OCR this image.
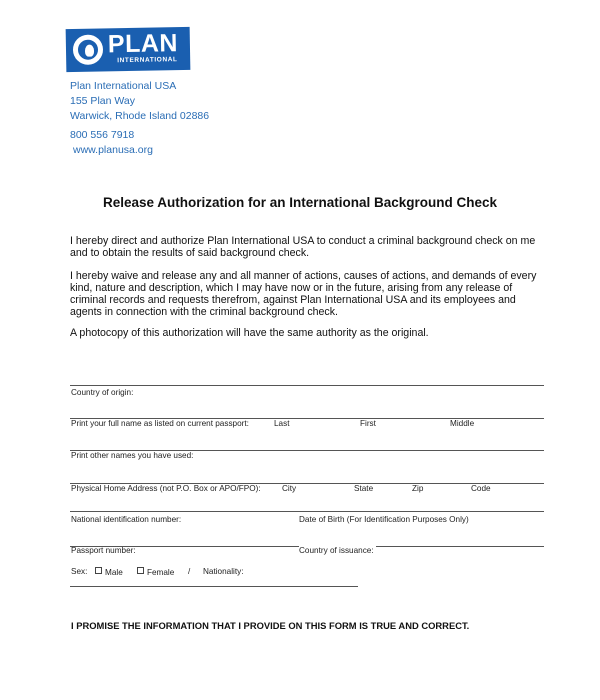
PLAN
INTERNATIONAL
Plan International USA
155 Plan Way
Warwick, Rhode Island 02886
800 556 7918
www.planusa.org
Release Authorization for an International Background Check
I hereby direct and authorize Plan International USA to conduct a criminal background check on me and to obtain the results of said background check.
I hereby waive and release any and all manner of actions, causes of actions, and demands of every kind, nature and description, which I may have now or in the future, arising from any release of criminal records and requests therefrom, against Plan International USA and its employees and agents in connection with the criminal background check.
A photocopy of this authorization will have the same authority as the original.
Country of origin:
Print your full name as listed on current passport:	Last	First	Middle
Print other names you have used:
Physical Home Address (not P.O. Box or APO/FPO):	City	State	Zip	Code
National identification number:	Date of Birth (For Identification Purposes Only)
Passport number:	Country of issuance:
Sex:	Male	Female / Nationality:
I PROMISE THE INFORMATION THAT I PROVIDE ON THIS FORM IS TRUE AND CORRECT.
